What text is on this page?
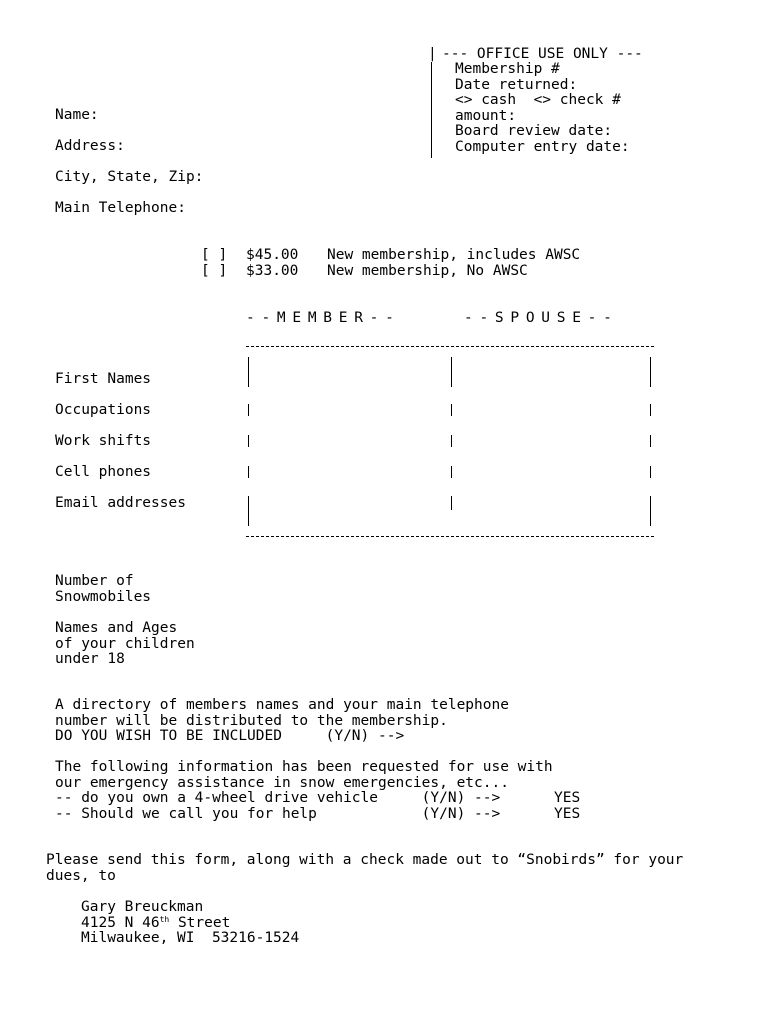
| --- OFFICE USE ONLY ---
Membership #
Date returned:
<> cash  <> check #
amount:
Board review date:
Computer entry date:
Name:
Address:
City, State, Zip:
Main Telephone:
[ ] $45.00 New membership, includes AWSC
[ ] $33.00 New membership, No AWSC
- - M E M B E R - -	- - S P O U S E - -
First Names
Occupations
Work shifts
Cell phones
Email addresses
Number of
Snowmobiles
Names and Ages
of your children
under 18
A directory of members names and your main telephone
number will be distributed to the membership.
DO YOU WISH TO BE INCLUDED     (Y/N) -->
The following information has been requested for use with
our emergency assistance in snow emergencies, etc...
-- do you own a 4-wheel drive vehicle     (Y/N) -->	YES
-- Should we call you for help            (Y/N) -->	YES
Please send this form, along with a check made out to “Snobirds” for your
dues, to
Gary Breuckman
4125 N 46th Street
Milwaukee, WI  53216-1524
